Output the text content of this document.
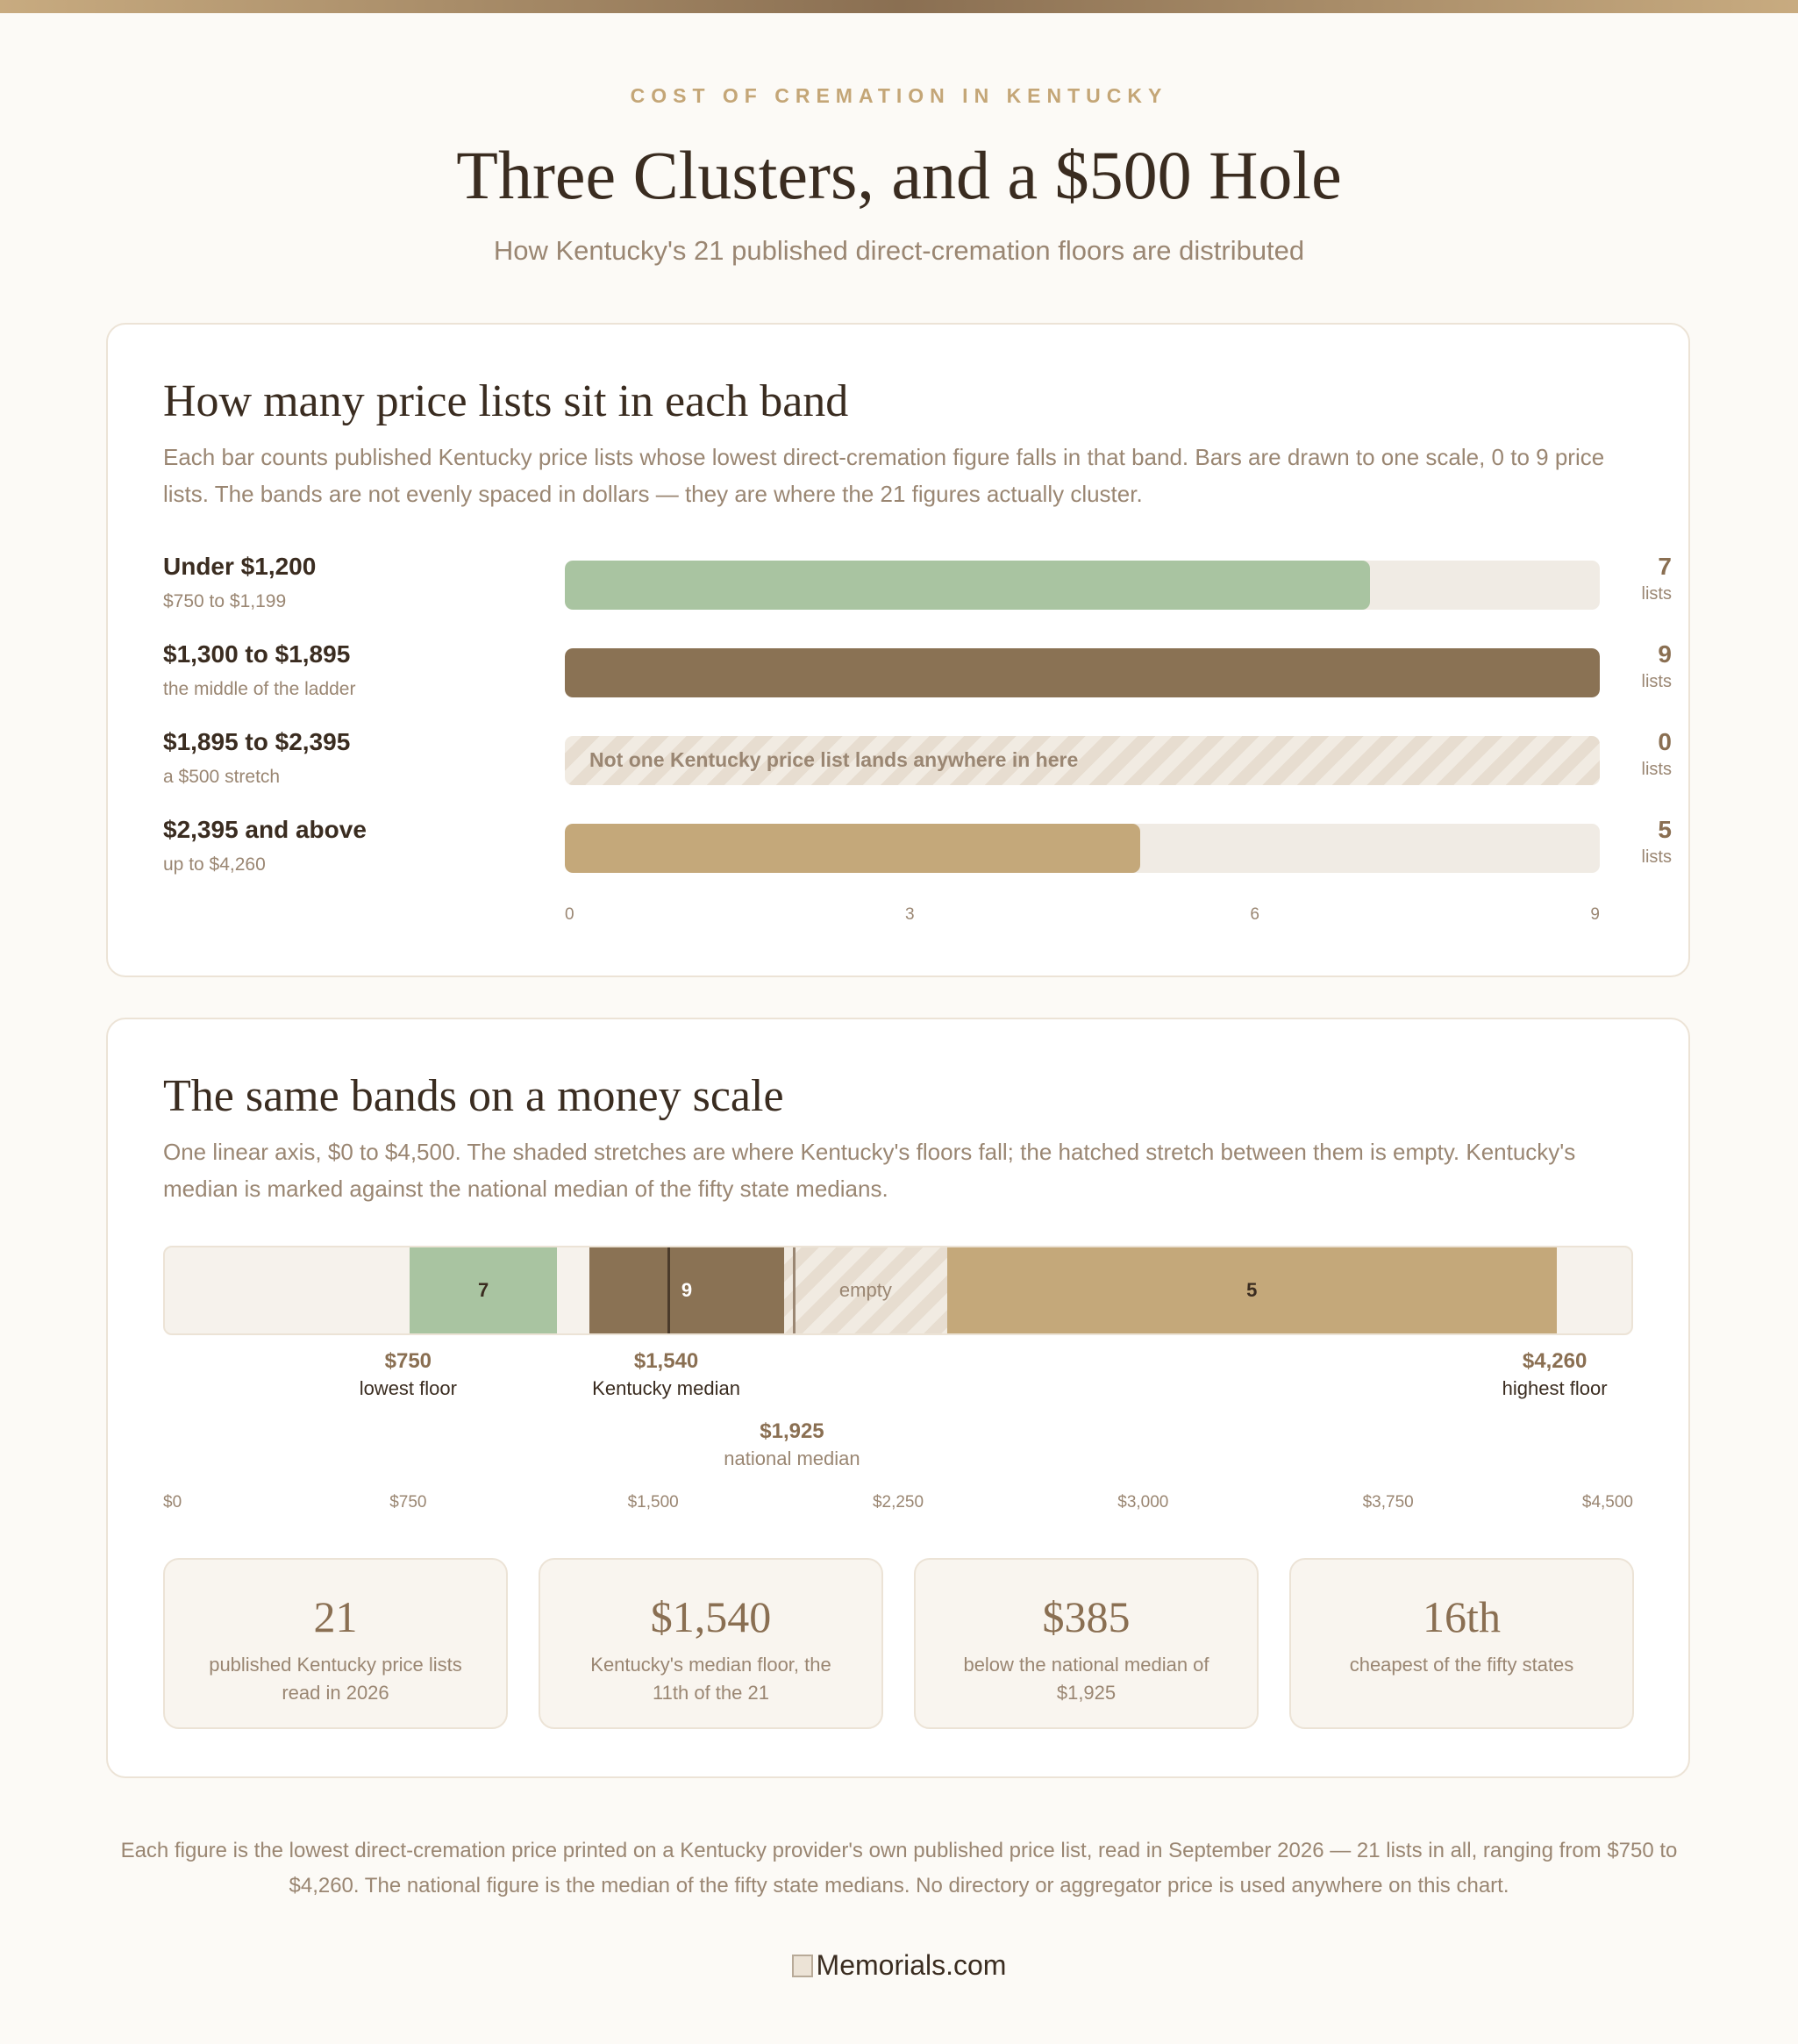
COST OF CREMATION IN KENTUCKY
Three Clusters, and a $500 Hole
How Kentucky's 21 published direct-cremation floors are distributed
How many price lists sit in each band
Each bar counts published Kentucky price lists whose lowest direct-cremation figure falls in that band. Bars are drawn to one scale, 0 to 9 price lists. The bands are not evenly spaced in dollars — they are where the 21 figures actually cluster.
Under $1,200
$750 to $1,199
7
lists
$1,300 to $1,895
the middle of the ladder
9
lists
$1,895 to $2,395
a $500 stretch
Not one Kentucky price list lands anywhere in here
0
lists
$2,395 and above
up to $4,260
5
lists
0	3	6	9
The same bands on a money scale
One linear axis, $0 to $4,500. The shaded stretches are where Kentucky's floors fall; the hatched stretch between them is empty. Kentucky's median is marked against the national median of the fifty state medians.
7	9	empty	5
$750
lowest floor
$1,540
Kentucky median
$4,260
highest floor
$1,925
national median
$0	$750	$1,500	$2,250	$3,000	$3,750	$4,500
21
published Kentucky price lists read in 2026
$1,540
Kentucky's median floor, the 11th of the 21
$385
below the national median of $1,925
16th
cheapest of the fifty states
Each figure is the lowest direct-cremation price printed on a Kentucky provider's own published price list, read in September 2026 — 21 lists in all, ranging from $750 to $4,260. The national figure is the median of the fifty state medians. No directory or aggregator price is used anywhere on this chart.
Memorials.com
